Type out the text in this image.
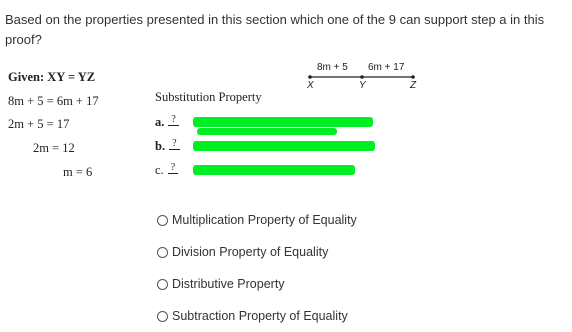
Based on the properties presented in this section which one of the 9 can support step a in this proof?
Given: XY = YZ
8m + 5 = 6m + 17
2m + 5 = 17
2m = 12
m = 6
Substitution Property
a. ?
b. ?
c. ?
8m + 5 6m + 17
X	Y	Z
Multiplication Property of Equality
Division Property of Equality
Distributive Property
Subtraction Property of Equality
